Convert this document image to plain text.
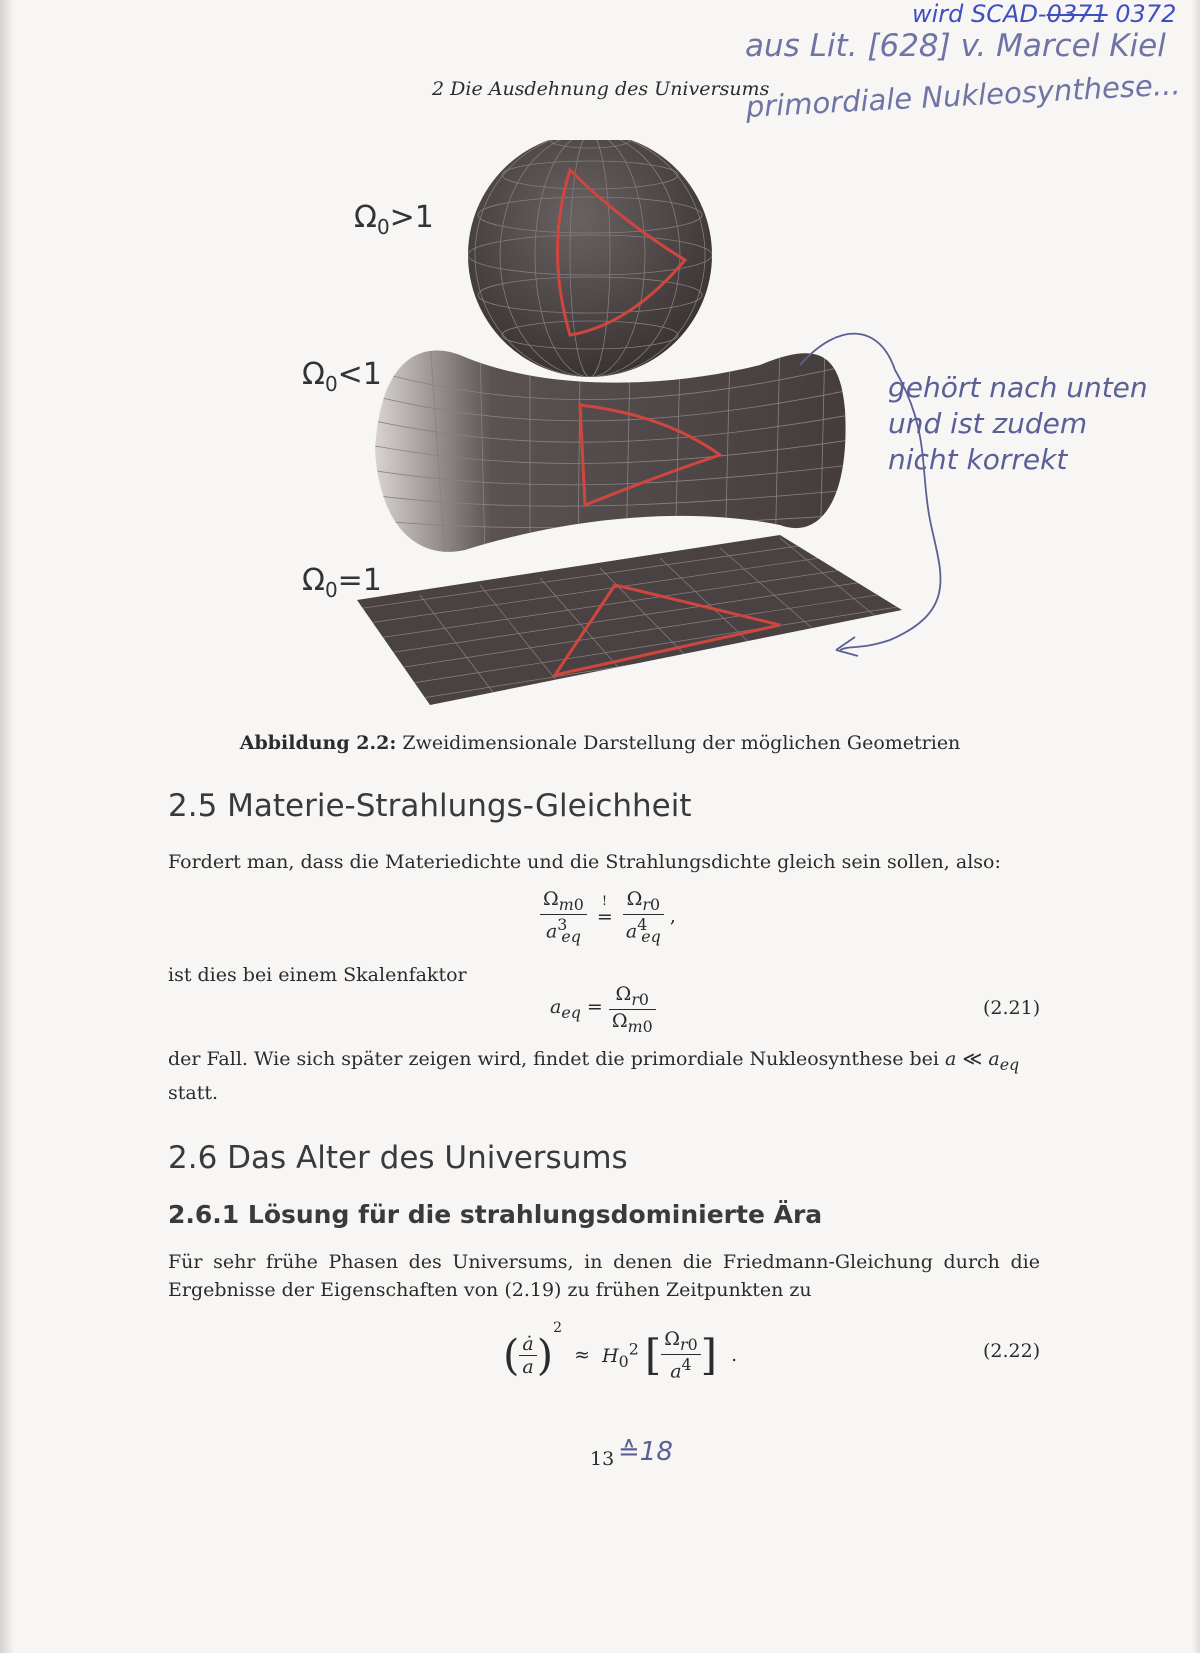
wird SCAD-0371 0372
aus Lit. [628] v. Marcel Kiel
primordiale Nukleosynthese...
2 Die Ausdehnung des Universums
$\Omega_0>1$
$\Omega_0<1$
$\Omega_0=1$
gehört nach unten
und ist zudem
nicht korrekt
Abbildung 2.2: Zweidimensionale Darstellung der möglichen Geometrien
2.5 Materie-Strahlungs-Gleichheit
Fordert man, dass die Materiedichte und die Strahlungsdichte gleich sein sollen, also:
$\frac{\Omega_{m0}}{a^3_{eq}}$
!
= $\frac{\Omega_{r0}}{a^4_{eq}}$ ,
ist dies bei einem Skalenfaktor
$a_{eq} = \frac{\Omega_{r0}}{\Omega_{m0}}$	(2.21)
der Fall. Wie sich später zeigen wird, findet die primordiale Nukleosynthese bei a ≪ $a_{eq}$
statt.
2.6 Das Alter des Universums
2.6.1 Lösung für die strahlungsdominierte Ära
Für sehr frühe Phasen des Universums, in denen die Friedmann-Gleichung durch die Ergebnisse der Eigenschaften von (2.19) zu frühen Zeitpunkten zu
( $\frac{ȧ}{a} )^2 \approx H_0^2$ [ $\frac{\Omega_{r0}}{a^4}$ ] .	(2.22)
13 ≙18
